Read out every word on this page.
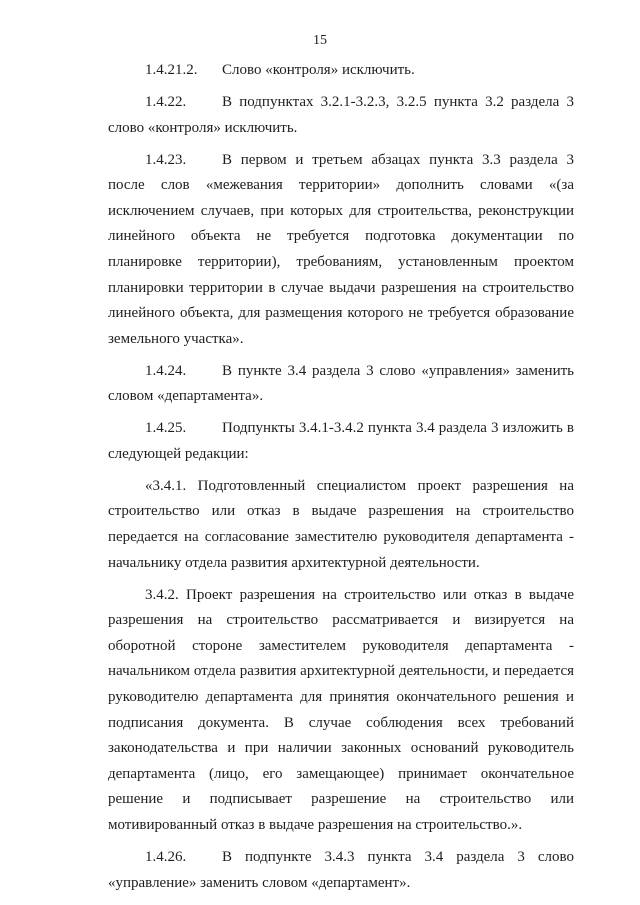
15

1.4.21.2. Слово «контроля» исключить.

1.4.22. В подпунктах 3.2.1-3.2.3, 3.2.5 пункта 3.2 раздела 3 слово «контроля» исключить.

1.4.23. В первом и третьем абзацах пункта 3.3 раздела 3 после слов «межевания территории» дополнить словами «(за исключением случаев, при которых для строительства, реконструкции линейного объекта не требуется подготовка документации по планировке территории), требованиям, установленным проектом планировки территории в случае выдачи разрешения на строительство линейного объекта, для размещения которого не требуется образование земельного участка».

1.4.24. В пункте 3.4 раздела 3 слово «управления» заменить словом «департамента».

1.4.25. Подпункты 3.4.1-3.4.2 пункта 3.4 раздела 3 изложить в следующей редакции:

«3.4.1. Подготовленный специалистом проект разрешения на строительство или отказ в выдаче разрешения на строительство передается на согласование заместителю руководителя департамента - начальнику отдела развития архитектурной деятельности.

3.4.2. Проект разрешения на строительство или отказ в выдаче разрешения на строительство рассматривается и визируется на оборотной стороне заместителем руководителя департамента - начальником отдела развития архитектурной деятельности, и передается руководителю департамента для принятия окончательного решения и подписания документа. В случае соблюдения всех требований законодательства и при наличии законных оснований руководитель департамента (лицо, его замещающее) принимает окончательное решение и подписывает разрешение на строительство или мотивированный отказ в выдаче разрешения на строительство.».

1.4.26. В подпункте 3.4.3 пункта 3.4 раздела 3 слово «управление» заменить словом «департамент».
